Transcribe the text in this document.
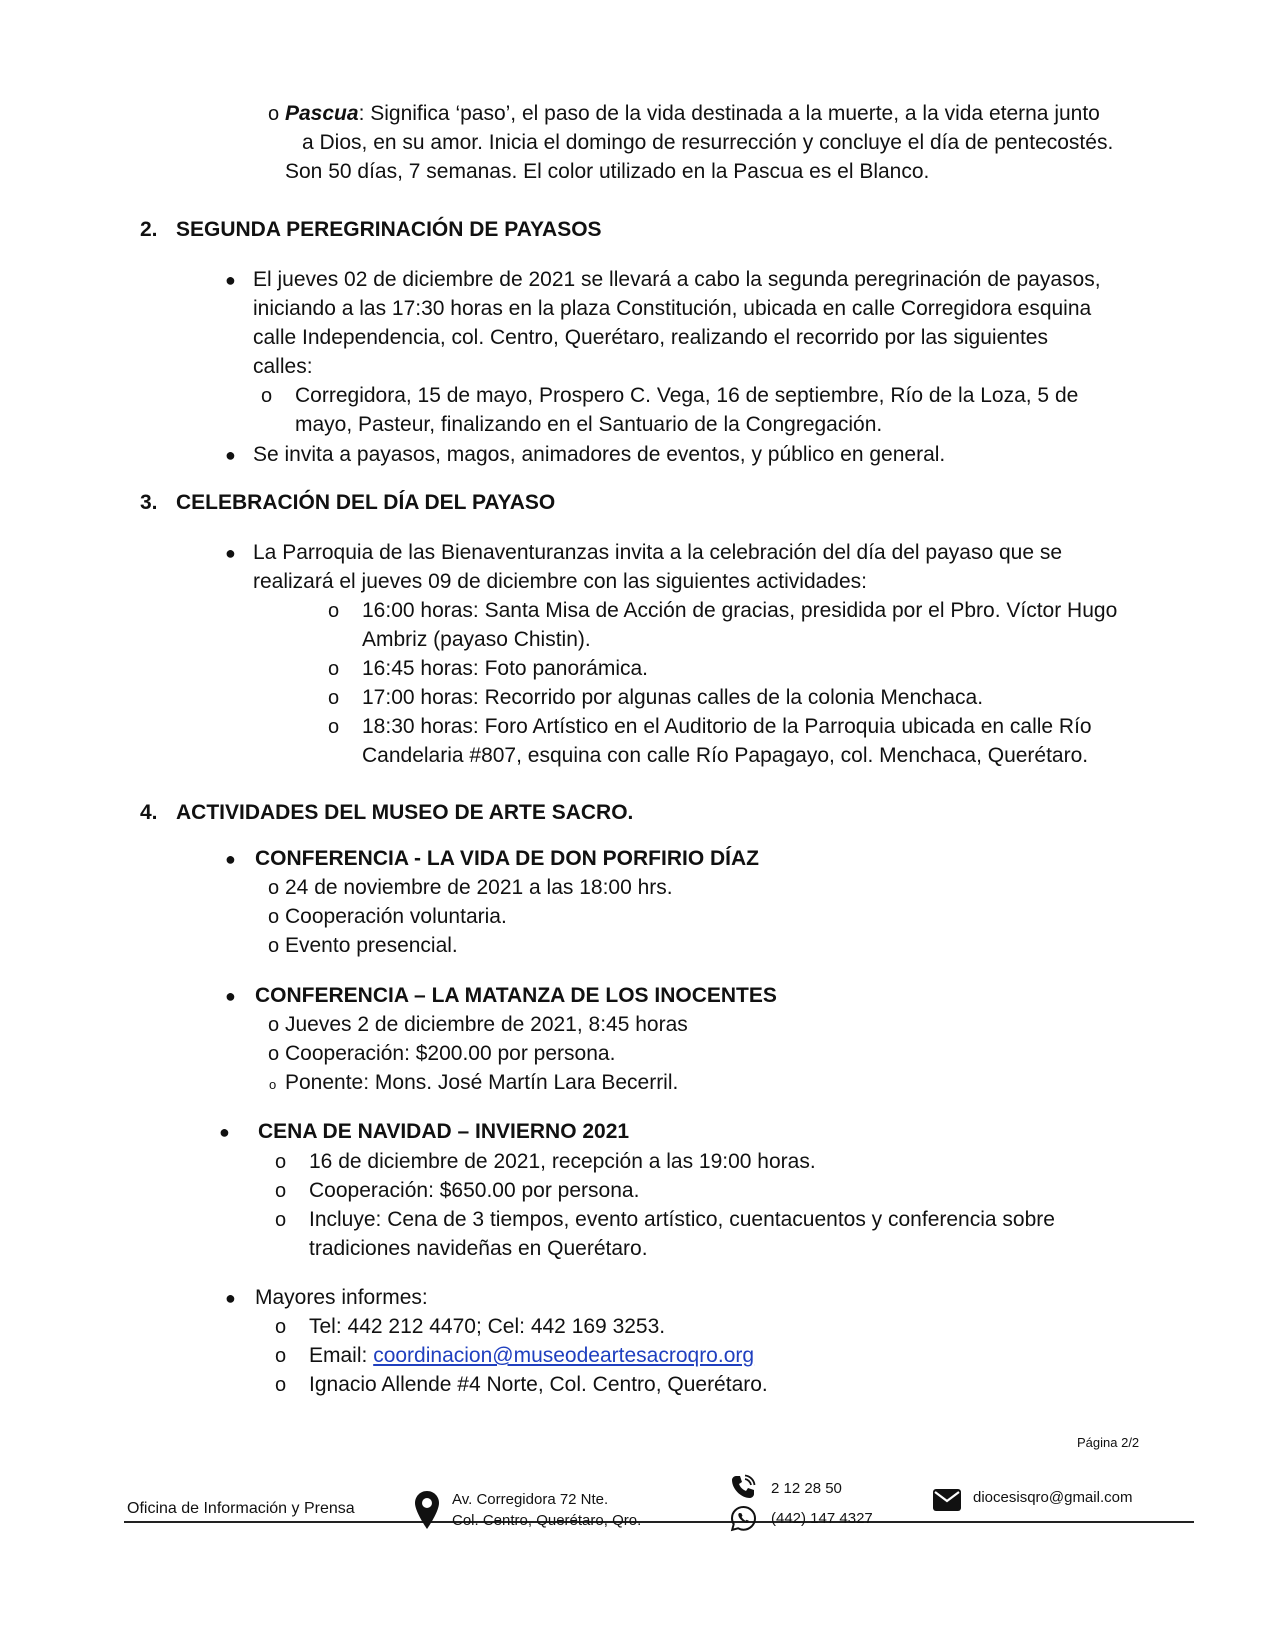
o Pascua: Significa ‘paso’, el paso de la vida destinada a la muerte, a la vida eterna junto
a Dios, en su amor. Inicia el domingo de resurrección y concluye el día de pentecostés.
Son 50 días, 7 semanas. El color utilizado en la Pascua es el Blanco.
2. SEGUNDA PEREGRINACIÓN DE PAYASOS
● El jueves 02 de diciembre de 2021 se llevará a cabo la segunda peregrinación de payasos,
iniciando a las 17:30 horas en la plaza Constitución, ubicada en calle Corregidora esquina
calle Independencia, col. Centro, Querétaro, realizando el recorrido por las siguientes
calles:
o Corregidora, 15 de mayo, Prospero C. Vega, 16 de septiembre, Río de la Loza, 5 de
mayo, Pasteur, finalizando en el Santuario de la Congregación.
● Se invita a payasos, magos, animadores de eventos, y público en general.
3. CELEBRACIÓN DEL DÍA DEL PAYASO
● La Parroquia de las Bienaventuranzas invita a la celebración del día del payaso que se
realizará el jueves 09 de diciembre con las siguientes actividades:
o 16:00 horas: Santa Misa de Acción de gracias, presidida por el Pbro. Víctor Hugo
Ambriz (payaso Chistin).
o 16:45 horas: Foto panorámica.
o 17:00 horas: Recorrido por algunas calles de la colonia Menchaca.
o 18:30 horas: Foro Artístico en el Auditorio de la Parroquia ubicada en calle Río
Candelaria #807, esquina con calle Río Papagayo, col. Menchaca, Querétaro.
4. ACTIVIDADES DEL MUSEO DE ARTE SACRO.
● CONFERENCIA - LA VIDA DE DON PORFIRIO DÍAZ
o 24 de noviembre de 2021 a las 18:00 hrs.
o Cooperación voluntaria.
o Evento presencial.
● CONFERENCIA – LA MATANZA DE LOS INOCENTES
o Jueves 2 de diciembre de 2021, 8:45 horas
o Cooperación: $200.00 por persona.
o Ponente: Mons. José Martín Lara Becerril.
● CENA DE NAVIDAD – INVIERNO 2021
o 16 de diciembre de 2021, recepción a las 19:00 horas.
o Cooperación: $650.00 por persona.
o Incluye: Cena de 3 tiempos, evento artístico, cuentacuentos y conferencia sobre
tradiciones navideñas en Querétaro.
● Mayores informes:
o Tel: 442 212 4470; Cel: 442 169 3253.
o Email: coordinacion@museodeartesacroqro.org
o Ignacio Allende #4 Norte, Col. Centro, Querétaro.
Página 2/2
Oficina de Información y Prensa
Av. Corregidora 72 Nte.
Col. Centro, Querétaro, Qro.
2 12 28 50
(442) 147 4327
diocesisqro@gmail.com
